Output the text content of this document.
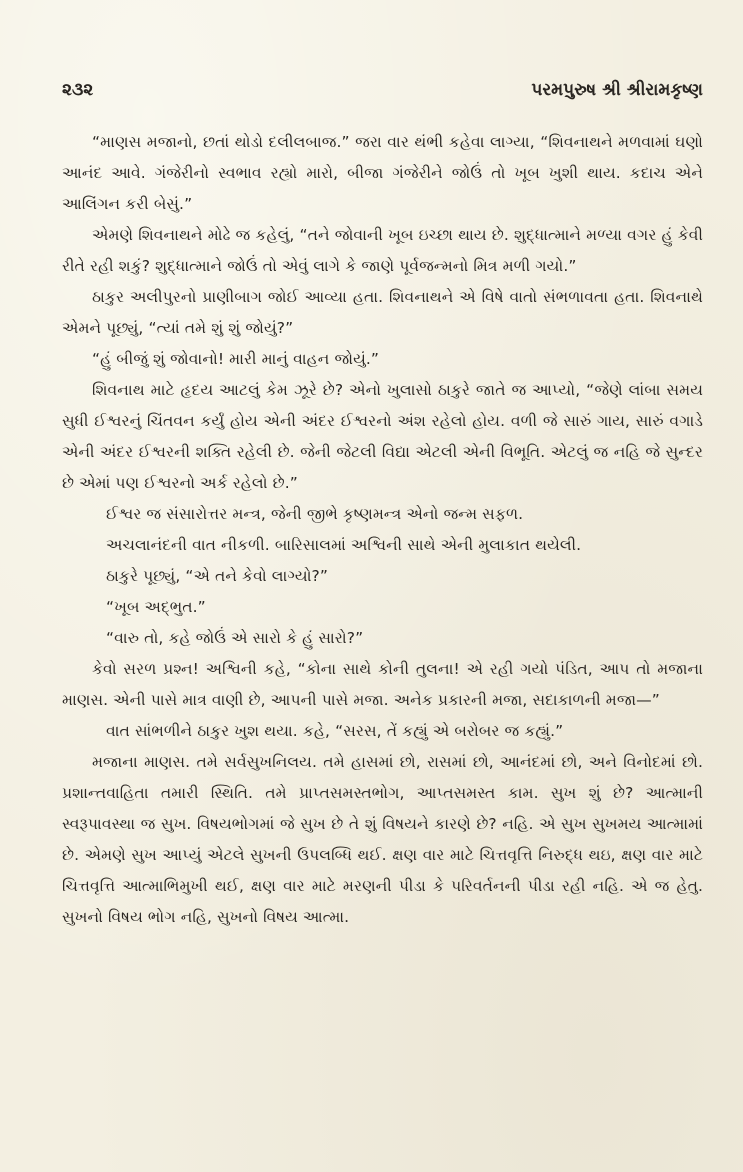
૨૩૨	પરમપુરુષ શ્રી શ્રીરામકૃષ્ણ

“માણસ મજાનો, છતાં થોડો દલીલબાજ.” જરા વાર થંભી કહેવા લાગ્યા, “શિવનાથને મળવામાં ઘણો આનંદ આવે. ગંજેરીનો સ્વભાવ રહ્યો મારો, બીજા ગંજેરીને જોઉં તો ખૂબ ખુશી થાય. કદાચ એને આલિંગન કરી બેસું.”

એમણે શિવનાથને મોઢે જ કહેલું, “તને જોવાની ખૂબ ઇચ્છા થાય છે. શુદ્ધાત્માને મળ્યા વગર હું કેવી રીતે રહી શકું? શુદ્ધાત્માને જોઉં તો એવું લાગે કે જાણે પૂર્વજન્મનો મિત્ર મળી ગયો.”

ઠાકુર અલીપુરનો પ્રાણીબાગ જોઈ આવ્યા હતા. શિવનાથને એ વિષે વાતો સંભળાવતા હતા. શિવનાથે એમને પૂછ્યું, “ત્યાં તમે શું શું જોયું?”

“હું બીજું શું જોવાનો! મારી માનું વાહન જોયું.”

શિવનાથ માટે હૃદય આટલું કેમ ઝૂરે છે? એનો ખુલાસો ઠાકુરે જાતે જ આપ્યો, “જેણે લાંબા સમય સુધી ઈશ્વરનું ચિંતવન કર્યું હોય એની અંદર ઈશ્વરનો અંશ રહેલો હોય. વળી જે સારું ગાય, સારું વગાડે એની અંદર ઈશ્વરની શક્તિ રહેલી છે. જેની જેટલી વિદ્યા એટલી એની વિભૂતિ. એટલું જ નહિ જે સુન્દર છે એમાં પણ ઈશ્વરનો અર્ક રહેલો છે.”

ઈશ્વર જ સંસારોત્તર મન્ત્ર, જેની જીભે કૃષ્ણમન્ત્ર એનો જન્મ સફળ.

અચલાનંદની વાત નીકળી. બારિસાલમાં અશ્વિની સાથે એની મુલાકાત થયેલી.

ઠાકુરે પૂછ્યું, “એ તને કેવો લાગ્યો?”

“ખૂબ અદ્‌ભુત.”

“વારુ તો, કહે જોઉં એ સારો કે હું સારો?”

કેવો સરળ પ્રશ્ન! અશ્વિની કહે, “કોના સાથે કોની તુલના! એ રહી ગયો પંડિત, આપ તો મજાના માણસ. એની પાસે માત્ર વાણી છે, આપની પાસે મજા. અનેક પ્રકારની મજા, સદાકાળની મજા—”

વાત સાંભળીને ઠાકુર ખુશ થયા. કહે, “સરસ, તેં કહ્યું એ બરોબર જ કહ્યું.”

મજાના માણસ. તમે સર્વસુખનિલય. તમે હાસમાં છો, રાસમાં છો, આનંદમાં છો, અને વિનોદમાં છો. પ્રશાન્તવાહિતા તમારી સ્થિતિ. તમે પ્રાપ્તસમસ્તભોગ, આપ્તસમસ્ત કામ. સુખ શું છે? આત્માની સ્વરૂપાવસ્થા જ સુખ. વિષયભોગમાં જે સુખ છે તે શું વિષયને કારણે છે? નહિ. એ સુખ સુખમય આત્મામાં છે. એમણે સુખ આપ્યું એટલે સુખની ઉપલબ્ધિ થઈ. ક્ષણ વાર માટે ચિત્તવૃત્તિ નિરુદ્ધ થઇ, ક્ષણ વાર માટે ચિત્તવૃત્તિ આત્માભિમુખી થઈ, ક્ષણ વાર માટે મરણની પીડા કે પરિવર્તનની પીડા રહી નહિ. એ જ હેતુ. સુખનો વિષય ભોગ નહિ, સુખનો વિષય આત્મા.
